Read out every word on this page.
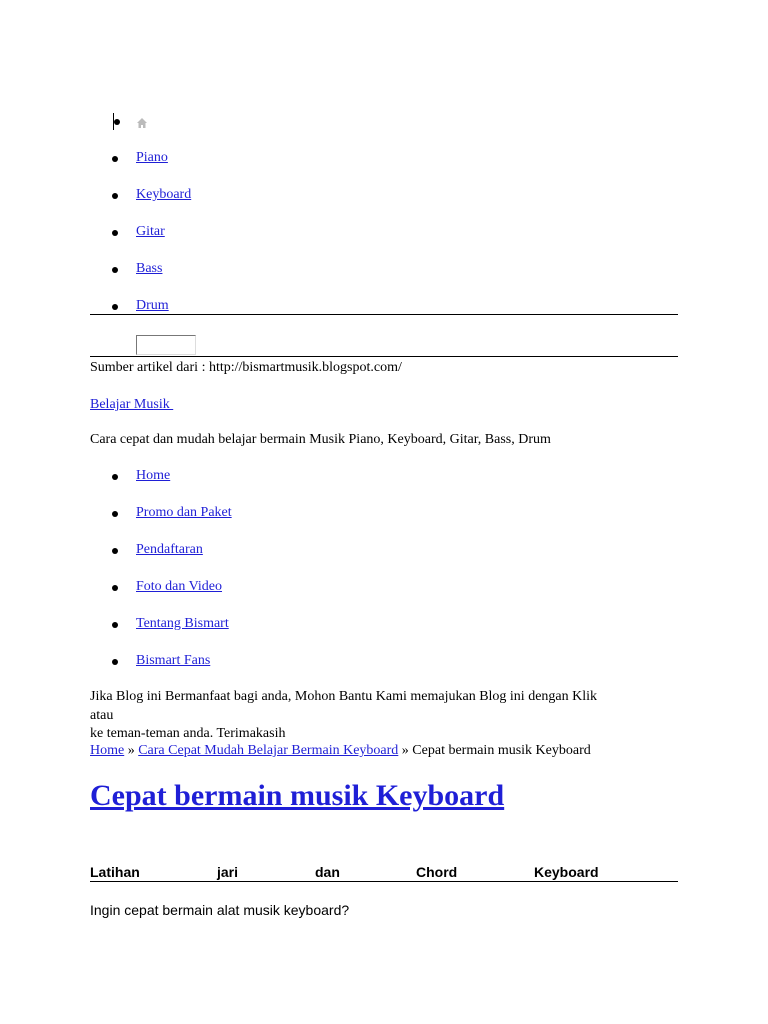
Piano
Keyboard
Gitar
Bass
Drum
Sumber artikel dari : http://bismartmusik.blogspot.com/
Belajar Musik
Cara cepat dan mudah belajar bermain Musik Piano, Keyboard, Gitar, Bass, Drum
Home
Promo dan Paket
Pendaftaran
Foto dan Video
Tentang Bismart
Bismart Fans
Jika Blog ini Bermanfaat bagi anda, Mohon Bantu Kami memajukan Blog ini dengan Klik
atau
ke teman-teman anda. Terimakasih
Home » Cara Cepat Mudah Belajar Bermain Keyboard » Cepat bermain musik Keyboard
Cepat bermain musik Keyboard
Latihan	jari	dan	Chord	Keyboard
Ingin cepat bermain alat musik keyboard?
